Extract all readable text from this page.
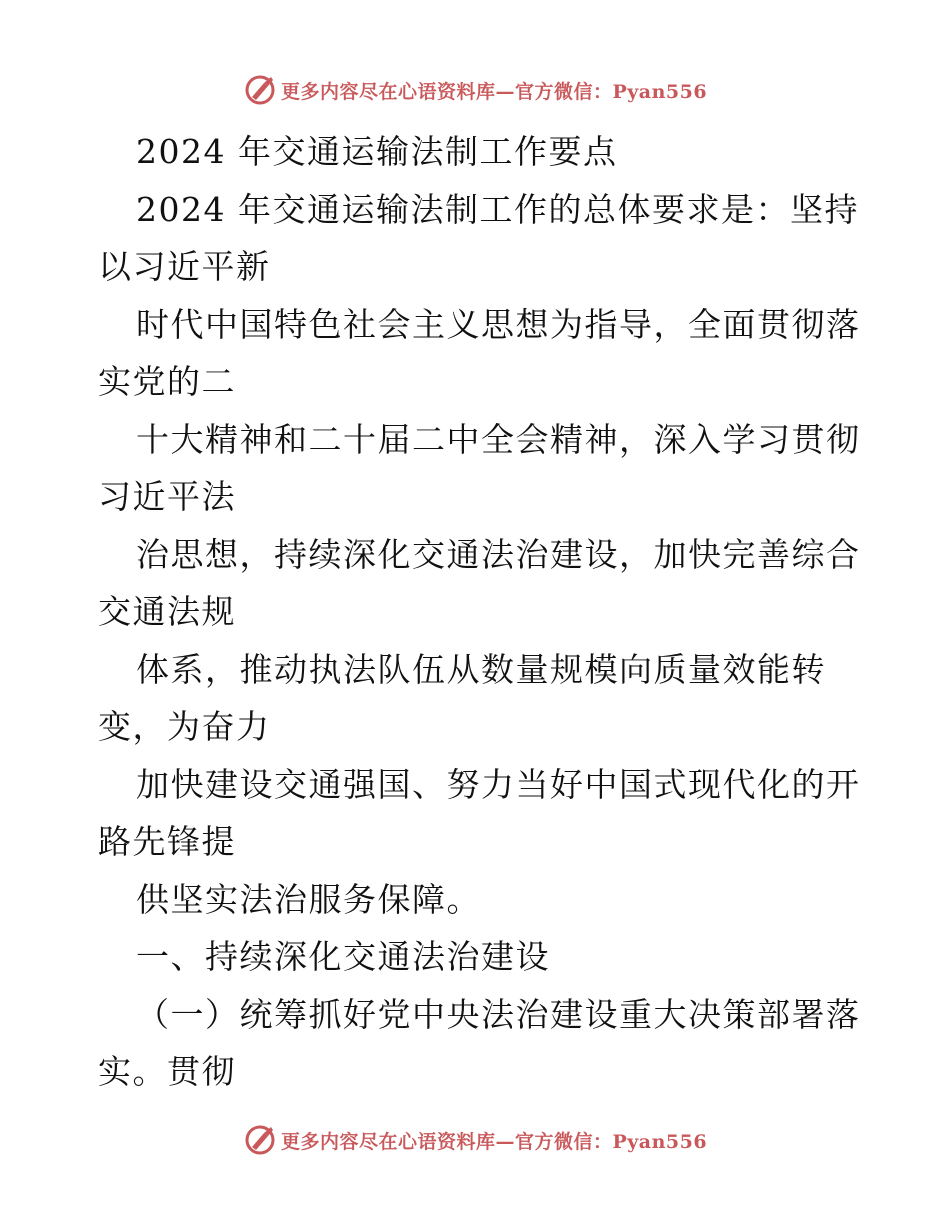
更多内容尽在心语资料库—官方微信：Pyan556
2024 年交通运输法制工作要点
2024 年交通运输法制工作的总体要求是：坚持
以习近平新
时代中国特色社会主义思想为指导，全面贯彻落
实党的二
十大精神和二十届二中全会精神，深入学习贯彻
习近平法
治思想，持续深化交通法治建设，加快完善综合
交通法规
体系，推动执法队伍从数量规模向质量效能转
变，为奋力
加快建设交通强国、努力当好中国式现代化的开
路先锋提
供坚实法治服务保障。
一、持续深化交通法治建设
（一）统筹抓好党中央法治建设重大决策部署落
实。贯彻
更多内容尽在心语资料库—官方微信：Pyan556
